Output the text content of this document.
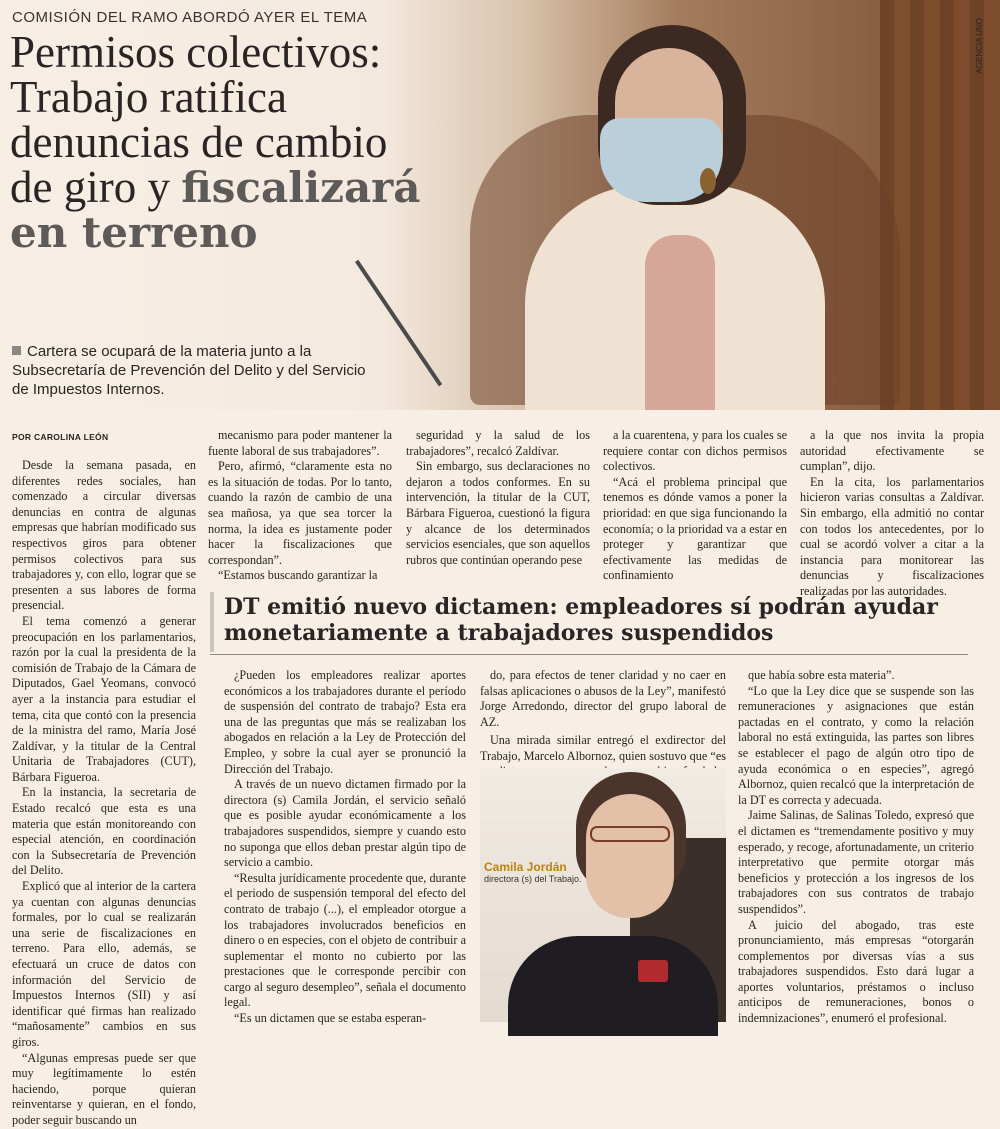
COMISIÓN DEL RAMO ABORDÓ AYER EL TEMA
Permisos colectivos:
Trabajo ratifica
denuncias de cambio
de giro y fiscalizará
en terreno
AGENCIA UNO
Cartera se ocupará de la materia junto a la Subsecretaría de Prevención del Delito y del Servicio de Impuestos Internos.
POR CAROLINA LEÓN

Desde la semana pasada, en diferentes redes sociales, han comenzado a circular diversas denuncias en contra de algunas empresas que habrían modificado sus respectivos giros para obtener permisos colectivos para sus trabajadores y, con ello, lograr que se presenten a sus labores de forma presencial.

El tema comenzó a generar preocupación en los parlamentarios, razón por la cual la presidenta de la comisión de Trabajo de la Cámara de Diputados, Gael Yeomans, convocó ayer a la instancia para estudiar el tema, cita que contó con la presencia de la ministra del ramo, María José Zaldívar, y la titular de la Central Unitaria de Trabajadores (CUT), Bárbara Figueroa.

En la instancia, la secretaria de Estado recalcó que esta es una materia que están monitoreando con especial atención, en coordinación con la Subsecretaría de Prevención del Delito.

Explicó que al interior de la cartera ya cuentan con algunas denuncias formales, por lo cual se realizarán una serie de fiscalizaciones en terreno. Para ello, además, se efectuará un cruce de datos con información del Servicio de Impuestos Internos (SII) y así identificar qué firmas han realizado “mañosamente” cambios en sus giros.

“Algunas empresas puede ser que muy legítimamente lo estén haciendo, porque quieran reinventarse y quieran, en el fondo, poder seguir buscando un

mecanismo para poder mantener la fuente laboral de sus trabajadores”.

Pero, afirmó, “claramente esta no es la situación de todas. Por lo tanto, cuando la razón de cambio de una sea mañosa, ya que sea torcer la norma, la idea es justamente poder hacer la fiscalizaciones que correspondan”.

“Estamos buscando garantizar la

seguridad y la salud de los trabajadores”, recalcó Zaldívar.

Sin embargo, sus declaraciones no dejaron a todos conformes. En su intervención, la titular de la CUT, Bárbara Figueroa, cuestionó la figura y alcance de los determinados servicios esenciales, que son aquellos rubros que continúan operando pese

a la cuarentena, y para los cuales se requiere contar con dichos permisos colectivos.

“Acá el problema principal que tenemos es dónde vamos a poner la prioridad: en que siga funcionando la economía; o la prioridad va a estar en proteger y garantizar que efectivamente las medidas de confinamiento

a la que nos invita la propia autoridad efectivamente se cumplan”, dijo.

En la cita, los parlamentarios hicieron varias consultas a Zaldívar. Sin embargo, ella admitió no contar con todos los antecedentes, por lo cual se acordó volver a citar a la instancia para monitorear las denuncias y fiscalizaciones realizadas por las autoridades.

DT emitió nuevo dictamen: empleadores sí podrán ayudar monetariamente a trabajadores suspendidos

¿Pueden los empleadores realizar aportes económicos a los trabajadores durante el período de suspensión del contrato de trabajo? Esta era una de las preguntas que más se realizaban los abogados en relación a la Ley de Protección del Empleo, y sobre la cual ayer se pronunció la Dirección del Trabajo.

A través de un nuevo dictamen firmado por la directora (s) Camila Jordán, el servicio señaló que es posible ayudar económicamente a los trabajadores suspendidos, siempre y cuando esto no suponga que ellos deban prestar algún tipo de servicio a cambio.

“Resulta jurídicamente procedente que, durante el periodo de suspensión temporal del efecto del contrato de trabajo (...), el empleador otorgue a los trabajadores involucrados beneficios en dinero o en especies, con el objeto de contribuir a suplementar el monto no cubierto por las prestaciones que le corresponde percibir con cargo al seguro desempleo”, señala el documento legal.

“Es un dictamen que se estaba esperan-

do, para efectos de tener claridad y no caer en falsas aplicaciones o abusos de la Ley”, manifestó Jorge Arredondo, director del grupo laboral de AZ.

Una mirada similar entregó el exdirector del Trabajo, Marcelo Albornoz, quien sostuvo que “es

Camila Jordán
directora (s) del Trabajo.

que había sobre esta materia”.

“Lo que la Ley dice que se suspende son las remuneraciones y asignaciones que están pactadas en el contrato, y como la relación laboral no está extinguida, las partes son libres se establecer el pago de algún otro tipo de ayuda económica o en especies”, agregó Albornoz, quien recalcó que la interpretación de la DT es correcta y adecuada.

Jaime Salinas, de Salinas Toledo, expresó que el dictamen es “tremendamente positivo y muy esperado, y recoge, afortunadamente, un criterio interpretativo que permite otorgar más beneficios y protección a los ingresos de los trabajadores con sus contratos de trabajo suspendidos”.

A juicio del abogado, tras este pronunciamiento, más empresas “otorgarán complementos por diversas vías a sus trabajadores suspendidos. Esto dará lugar a aportes voluntarios, préstamos o incluso anticipos de remuneraciones, bonos o indemnizaciones”, enumeró el profesional.
